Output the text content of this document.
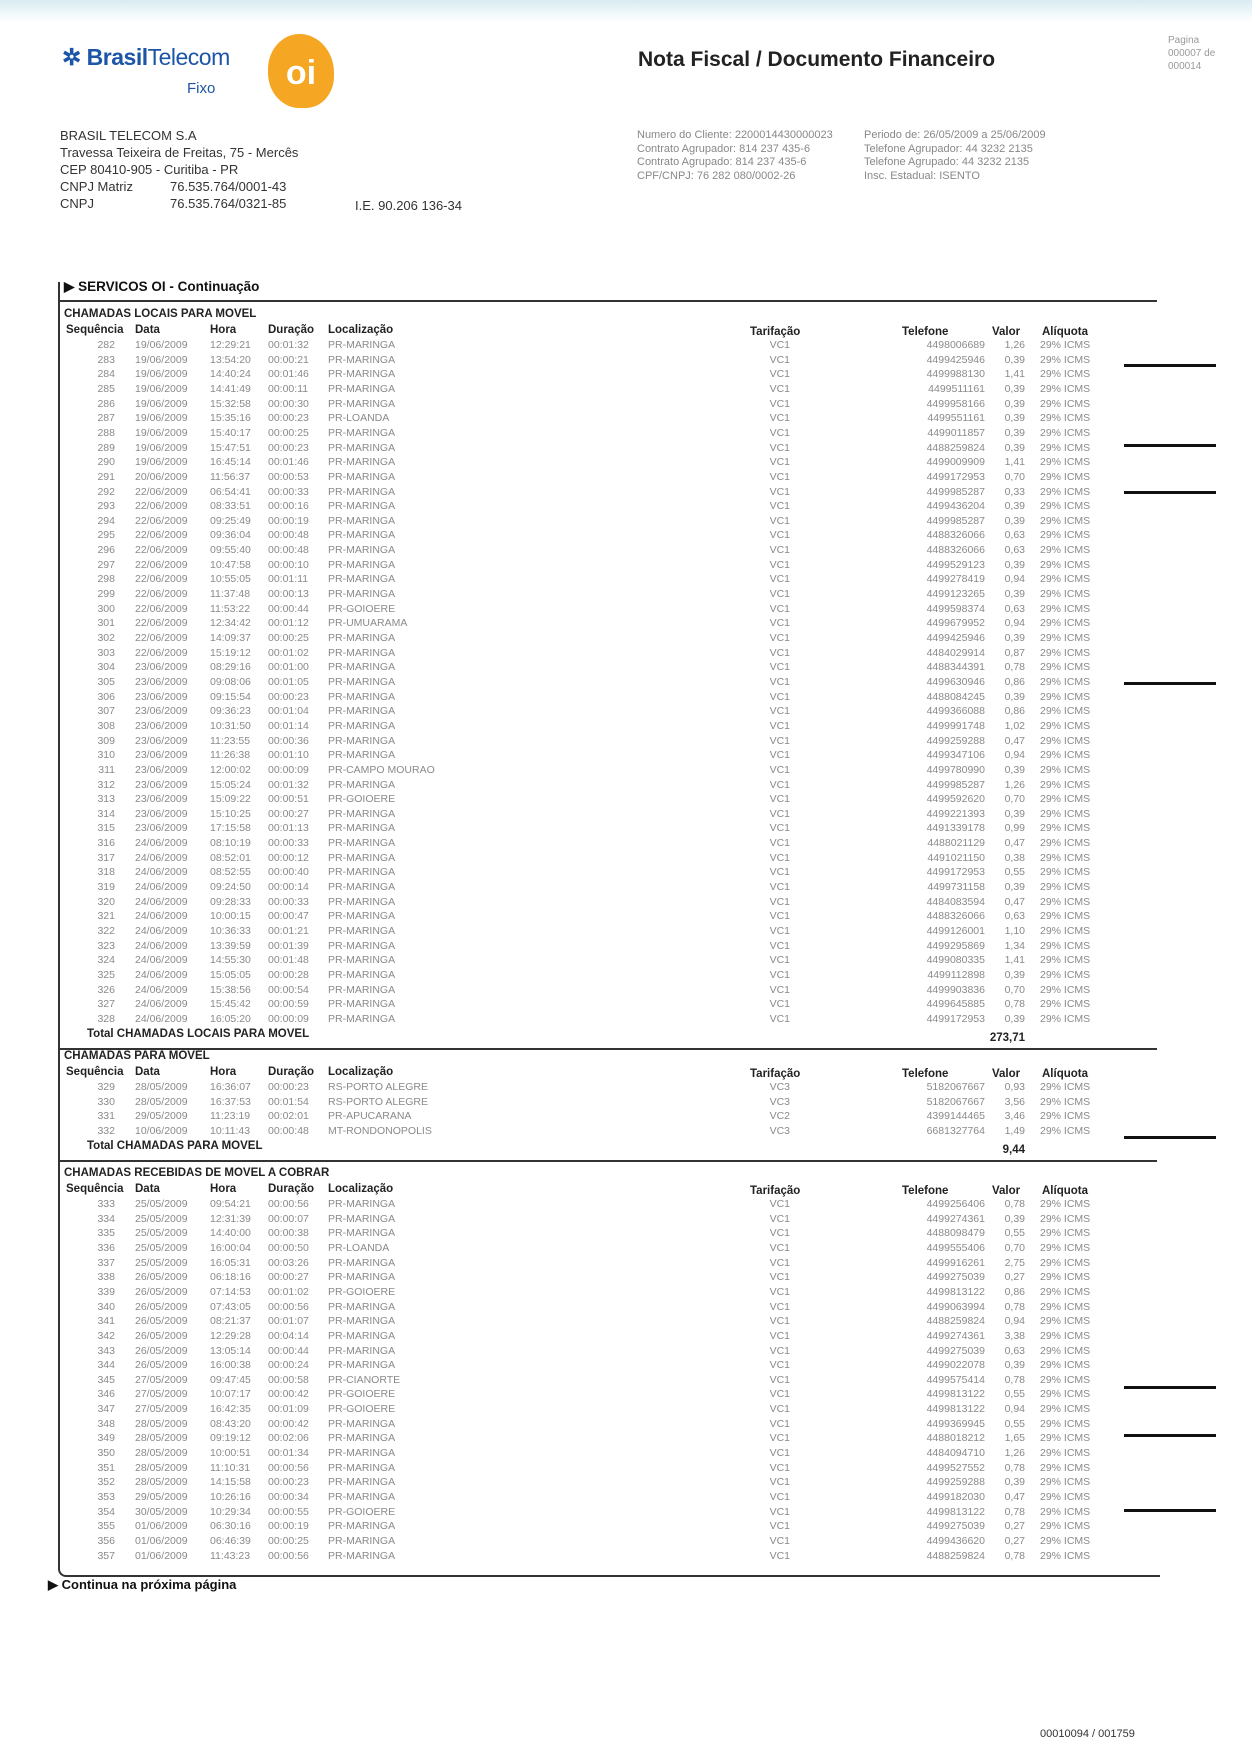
✲ BrasilTelecom
Fixo	oi	Nota Fiscal / Documento Financeiro
Pagina
000007 de
000014
BRASIL TELECOM S.A
Travessa Teixeira de Freitas, 75 - Mercês
CEP 80410-905 - Curitiba - PR
CNPJ Matriz	76.535.764/0001-43
CNPJ	76.535.764/0321-85	I.E. 90.206 136-34
Numero do Cliente: 2200014430000023
Contrato Agrupador: 814 237 435-6
Contrato Agrupado: 814 237 435-6
CPF/CNPJ: 76 282 080/0002-26
Periodo de: 26/05/2009 a 25/06/2009
Telefone Agrupador: 44 3232 2135
Telefone Agrupado: 44 3232 2135
Insc. Estadual: ISENTO
▶ SERVICOS OI - Continuação
CHAMADAS LOCAIS PARA MOVEL
Sequência Data	Hora	Duração Localização	Tarifação	Telefone	Valor Alíquota
282 19/06/2009 12:29:21 00:01:32 PR-MARINGA	VC1	4498006689	1,26 29% ICMS
283 19/06/2009 13:54:20 00:00:21 PR-MARINGA	VC1	4499425946	0,39 29% ICMS
284 19/06/2009 14:40:24 00:01:46 PR-MARINGA	VC1	4499988130	1,41 29% ICMS
285 19/06/2009 14:41:49 00:00:11 PR-MARINGA	VC1	4499511161	0,39 29% ICMS
286 19/06/2009 15:32:58 00:00:30 PR-MARINGA	VC1	4499958166	0,39 29% ICMS
287 19/06/2009 15:35:16 00:00:23 PR-LOANDA	VC1	4499551161	0,39 29% ICMS
288 19/06/2009 15:40:17 00:00:25 PR-MARINGA	VC1	4499011857	0,39 29% ICMS
289 19/06/2009 15:47:51 00:00:23 PR-MARINGA	VC1	4488259824	0,39 29% ICMS
290 19/06/2009 16:45:14 00:01:46 PR-MARINGA	VC1	4499009909	1,41 29% ICMS
291 20/06/2009 11:56:37 00:00:53 PR-MARINGA	VC1	4499172953	0,70 29% ICMS
292 22/06/2009 06:54:41 00:00:33 PR-MARINGA	VC1	4499985287	0,33 29% ICMS
293 22/06/2009 08:33:51 00:00:16 PR-MARINGA	VC1	4499436204	0,39 29% ICMS
294 22/06/2009 09:25:49 00:00:19 PR-MARINGA	VC1	4499985287	0,39 29% ICMS
295 22/06/2009 09:36:04 00:00:48 PR-MARINGA	VC1	4488326066	0,63 29% ICMS
296 22/06/2009 09:55:40 00:00:48 PR-MARINGA	VC1	4488326066	0,63 29% ICMS
297 22/06/2009 10:47:58 00:00:10 PR-MARINGA	VC1	4499529123	0,39 29% ICMS
298 22/06/2009 10:55:05 00:01:11 PR-MARINGA	VC1	4499278419	0,94 29% ICMS
299 22/06/2009 11:37:48 00:00:13 PR-MARINGA	VC1	4499123265	0,39 29% ICMS
300 22/06/2009 11:53:22 00:00:44 PR-GOIOERE	VC1	4499598374	0,63 29% ICMS
301 22/06/2009 12:34:42 00:01:12 PR-UMUARAMA	VC1	4499679952	0,94 29% ICMS
302 22/06/2009 14:09:37 00:00:25 PR-MARINGA	VC1	4499425946	0,39 29% ICMS
303 22/06/2009 15:19:12 00:01:02 PR-MARINGA	VC1	4484029914	0,87 29% ICMS
304 23/06/2009 08:29:16 00:01:00 PR-MARINGA	VC1	4488344391	0,78 29% ICMS
305 23/06/2009 09:08:06 00:01:05 PR-MARINGA	VC1	4499630946	0,86 29% ICMS
306 23/06/2009 09:15:54 00:00:23 PR-MARINGA	VC1	4488084245	0,39 29% ICMS
307 23/06/2009 09:36:23 00:01:04 PR-MARINGA	VC1	4499366088	0,86 29% ICMS
308 23/06/2009 10:31:50 00:01:14 PR-MARINGA	VC1	4499991748	1,02 29% ICMS
309 23/06/2009 11:23:55 00:00:36 PR-MARINGA	VC1	4499259288	0,47 29% ICMS
310 23/06/2009 11:26:38 00:01:10 PR-MARINGA	VC1	4499347106	0,94 29% ICMS
311 23/06/2009 12:00:02 00:00:09 PR-CAMPO MOURAO	VC1	4499780990	0,39 29% ICMS
312 23/06/2009 15:05:24 00:01:32 PR-MARINGA	VC1	4499985287	1,26 29% ICMS
313 23/06/2009 15:09:22 00:00:51 PR-GOIOERE	VC1	4499592620	0,70 29% ICMS
314 23/06/2009 15:10:25 00:00:27 PR-MARINGA	VC1	4499221393	0,39 29% ICMS
315 23/06/2009 17:15:58 00:01:13 PR-MARINGA	VC1	4491339178	0,99 29% ICMS
316 24/06/2009 08:10:19 00:00:33 PR-MARINGA	VC1	4488021129	0,47 29% ICMS
317 24/06/2009 08:52:01 00:00:12 PR-MARINGA	VC1	4491021150	0,38 29% ICMS
318 24/06/2009 08:52:55 00:00:40 PR-MARINGA	VC1	4499172953	0,55 29% ICMS
319 24/06/2009 09:24:50 00:00:14 PR-MARINGA	VC1	4499731158	0,39 29% ICMS
320 24/06/2009 09:28:33 00:00:33 PR-MARINGA	VC1	4484083594	0,47 29% ICMS
321 24/06/2009 10:00:15 00:00:47 PR-MARINGA	VC1	4488326066	0,63 29% ICMS
322 24/06/2009 10:36:33 00:01:21 PR-MARINGA	VC1	4499126001	1,10 29% ICMS
323 24/06/2009 13:39:59 00:01:39 PR-MARINGA	VC1	4499295869	1,34 29% ICMS
324 24/06/2009 14:55:30 00:01:48 PR-MARINGA	VC1	4499080335	1,41 29% ICMS
325 24/06/2009 15:05:05 00:00:28 PR-MARINGA	VC1	4499112898	0,39 29% ICMS
326 24/06/2009 15:38:56 00:00:54 PR-MARINGA	VC1	4499903836	0,70 29% ICMS
327 24/06/2009 15:45:42 00:00:59 PR-MARINGA	VC1	4499645885	0,78 29% ICMS
328 24/06/2009 16:05:20 00:00:09 PR-MARINGA	VC1	4499172953	0,39 29% ICMS
Total CHAMADAS LOCAIS PARA MOVEL	273,71
CHAMADAS PARA MOVEL
Sequência Data	Hora	Duração Localização	Tarifação	Telefone	Valor Alíquota
329 28/05/2009 16:36:07 00:00:23 RS-PORTO ALEGRE	VC3	5182067667	0,93 29% ICMS
330 28/05/2009 16:37:53 00:01:54 RS-PORTO ALEGRE	VC3	5182067667	3,56 29% ICMS
331 29/05/2009 11:23:19 00:02:01 PR-APUCARANA	VC2	4399144465	3,46 29% ICMS
332 10/06/2009 10:11:43 00:00:48 MT-RONDONOPOLIS	VC3	6681327764	1,49 29% ICMS
Total CHAMADAS PARA MOVEL	9,44
CHAMADAS RECEBIDAS DE MOVEL A COBRAR
Sequência Data	Hora	Duração Localização	Tarifação	Telefone	Valor Alíquota
333 25/05/2009 09:54:21 00:00:56 PR-MARINGA	VC1	4499256406	0,78 29% ICMS
334 25/05/2009 12:31:39 00:00:07 PR-MARINGA	VC1	4499274361	0,39 29% ICMS
335 25/05/2009 14:40:00 00:00:38 PR-MARINGA	VC1	4488098479	0,55 29% ICMS
336 25/05/2009 16:00:04 00:00:50 PR-LOANDA	VC1	4499555406	0,70 29% ICMS
337 25/05/2009 16:05:31 00:03:26 PR-MARINGA	VC1	4499916261	2,75 29% ICMS
338 26/05/2009 06:18:16 00:00:27 PR-MARINGA	VC1	4499275039	0,27 29% ICMS
339 26/05/2009 07:14:53 00:01:02 PR-GOIOERE	VC1	4499813122	0,86 29% ICMS
340 26/05/2009 07:43:05 00:00:56 PR-MARINGA	VC1	4499063994	0,78 29% ICMS
341 26/05/2009 08:21:37 00:01:07 PR-MARINGA	VC1	4488259824	0,94 29% ICMS
342 26/05/2009 12:29:28 00:04:14 PR-MARINGA	VC1	4499274361	3,38 29% ICMS
343 26/05/2009 13:05:14 00:00:44 PR-MARINGA	VC1	4499275039	0,63 29% ICMS
344 26/05/2009 16:00:38 00:00:24 PR-MARINGA	VC1	4499022078	0,39 29% ICMS
345 27/05/2009 09:47:45 00:00:58 PR-CIANORTE	VC1	4499575414	0,78 29% ICMS
346 27/05/2009 10:07:17 00:00:42 PR-GOIOERE	VC1	4499813122	0,55 29% ICMS
347 27/05/2009 16:42:35 00:01:09 PR-GOIOERE	VC1	4499813122	0,94 29% ICMS
348 28/05/2009 08:43:20 00:00:42 PR-MARINGA	VC1	4499369945	0,55 29% ICMS
349 28/05/2009 09:19:12 00:02:06 PR-MARINGA	VC1	4488018212	1,65 29% ICMS
350 28/05/2009 10:00:51 00:01:34 PR-MARINGA	VC1	4484094710	1,26 29% ICMS
351 28/05/2009 11:10:31 00:00:56 PR-MARINGA	VC1	4499527552	0,78 29% ICMS
352 28/05/2009 14:15:58 00:00:23 PR-MARINGA	VC1	4499259288	0,39 29% ICMS
353 29/05/2009 10:26:16 00:00:34 PR-MARINGA	VC1	4499182030	0,47 29% ICMS
354 30/05/2009 10:29:34 00:00:55 PR-GOIOERE	VC1	4499813122	0,78 29% ICMS
355 01/06/2009 06:30:16 00:00:19 PR-MARINGA	VC1	4499275039	0,27 29% ICMS
356 01/06/2009 06:46:39 00:00:25 PR-MARINGA	VC1	4499436620	0,27 29% ICMS
357 01/06/2009 11:43:23 00:00:56 PR-MARINGA	VC1	4488259824	0,78 29% ICMS
▶ Continua na próxima página
00010094 / 001759
